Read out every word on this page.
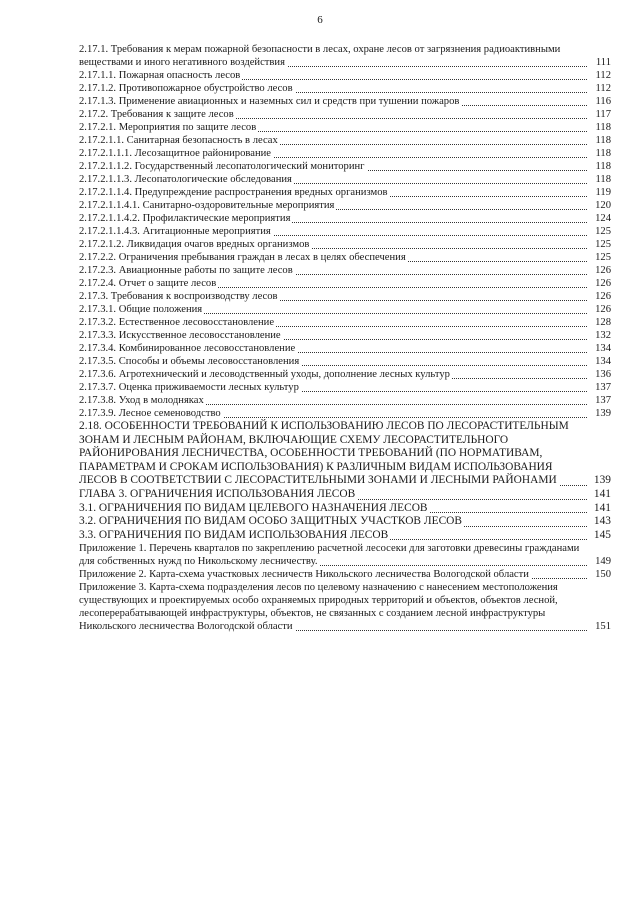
6
2.17.1. Требования к мерам пожарной безопасности в лесах, охране лесов от загрязнения радиоактивными веществами и иного негативного воздействия	111
2.17.1.1. Пожарная опасность лесов	112
2.17.1.2. Противопожарное обустройство лесов	112
2.17.1.3. Применение авиационных и наземных сил и средств при тушении пожаров	116
2.17.2. Требования к защите лесов	117
2.17.2.1. Мероприятия по защите лесов	118
2.17.2.1.1. Санитарная безопасность в лесах	118
2.17.2.1.1.1. Лесозащитное районирование	118
2.17.2.1.1.2. Государственный лесопатологический мониторинг	118
2.17.2.1.1.3. Лесопатологические обследования	118
2.17.2.1.1.4. Предупреждение распространения вредных организмов	119
2.17.2.1.1.4.1. Санитарно-оздоровительные мероприятия	120
2.17.2.1.1.4.2. Профилактические мероприятия	124
2.17.2.1.1.4.3. Агитационные мероприятия	125
2.17.2.1.2. Ликвидация очагов вредных организмов	125
2.17.2.2. Ограничения пребывания граждан в лесах в целях обеспечения	125
2.17.2.3. Авиационные работы по защите лесов	126
2.17.2.4. Отчет о защите лесов	126
2.17.3. Требования к воспроизводству лесов	126
2.17.3.1. Общие положения	126
2.17.3.2. Естественное лесовосстановление	128
2.17.3.3. Искусственное лесовосстановление	132
2.17.3.4. Комбинированное лесовосстановление	134
2.17.3.5. Способы и объемы лесовосстановления	134
2.17.3.6. Агротехнический и лесоводственный уходы, дополнение лесных культур	136
2.17.3.7. Оценка приживаемости лесных культур	137
2.17.3.8. Уход в молодняках	137
2.17.3.9. Лесное семеноводство	139
2.18. ОСОБЕННОСТИ ТРЕБОВАНИЙ К ИСПОЛЬЗОВАНИЮ ЛЕСОВ ПО ЛЕСОРАСТИТЕЛЬНЫМ ЗОНАМ И ЛЕСНЫМ РАЙОНАМ, ВКЛЮЧАЮЩИЕ СХЕМУ ЛЕСОРАСТИТЕЛЬНОГО РАЙОНИРОВАНИЯ ЛЕСНИЧЕСТВА, ОСОБЕННОСТИ ТРЕБОВАНИЙ (ПО НОРМАТИВАМ, ПАРАМЕТРАМ И СРОКАМ ИСПОЛЬЗОВАНИЯ) К РАЗЛИЧНЫМ ВИДАМ ИСПОЛЬЗОВАНИЯ ЛЕСОВ В СООТВЕТСТВИИ С ЛЕСОРАСТИТЕЛЬНЫМИ ЗОНАМИ И ЛЕСНЫМИ РАЙОНАМИ	139
ГЛАВА 3. ОГРАНИЧЕНИЯ ИСПОЛЬЗОВАНИЯ ЛЕСОВ	141
3.1. ОГРАНИЧЕНИЯ ПО ВИДАМ ЦЕЛЕВОГО НАЗНАЧЕНИЯ ЛЕСОВ	141
3.2. ОГРАНИЧЕНИЯ ПО ВИДАМ ОСОБО ЗАЩИТНЫХ УЧАСТКОВ ЛЕСОВ	143
3.3. ОГРАНИЧЕНИЯ ПО ВИДАМ ИСПОЛЬЗОВАНИЯ ЛЕСОВ	145
Приложение 1. Перечень кварталов по закреплению расчетной лесосеки для заготовки древесины гражданами для собственных нужд по Никольскому лесничеству.	149
Приложение 2. Карта-схема участковых лесничеств Никольского лесничества Вологодской области	150
Приложение 3. Карта-схема подразделения лесов по целевому назначению с нанесением местоположения существующих и проектируемых особо охраняемых природных территорий и объектов, объектов лесной, лесоперерабатывающей инфраструктуры, объектов, не связанных с созданием лесной инфраструктуры Никольского лесничества Вологодской области	151
